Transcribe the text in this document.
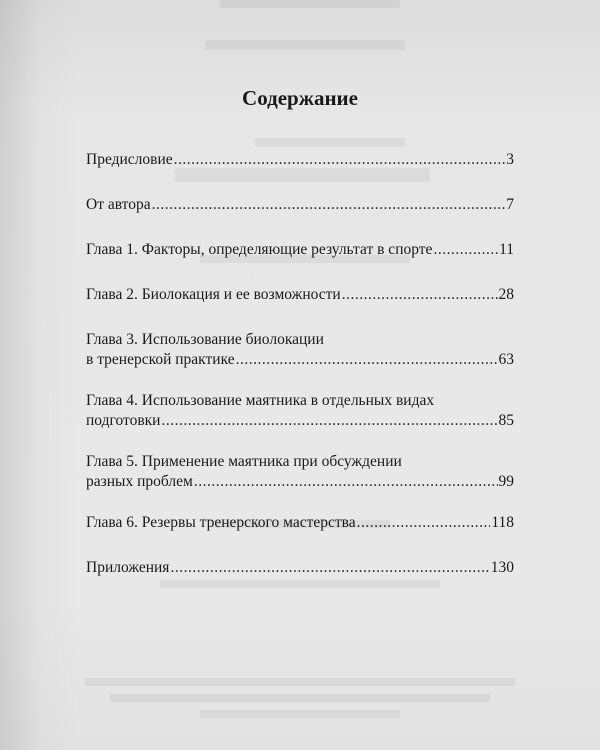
Содержание
Предисловие .....	3
От автора .....	7
Глава 1. Факторы, определяющие результат в спорте .....	11
Глава 2. Биолокация и ее возможности .....	28
Глава 3. Использование биолокации
в тренерской практике .....	63
Глава 4. Использование маятника в отдельных видах
подготовки .....	85
Глава 5. Применение маятника при обсуждении
разных проблем .....	99
Глава 6. Резервы тренерского мастерства .....	118
Приложения .....	130
